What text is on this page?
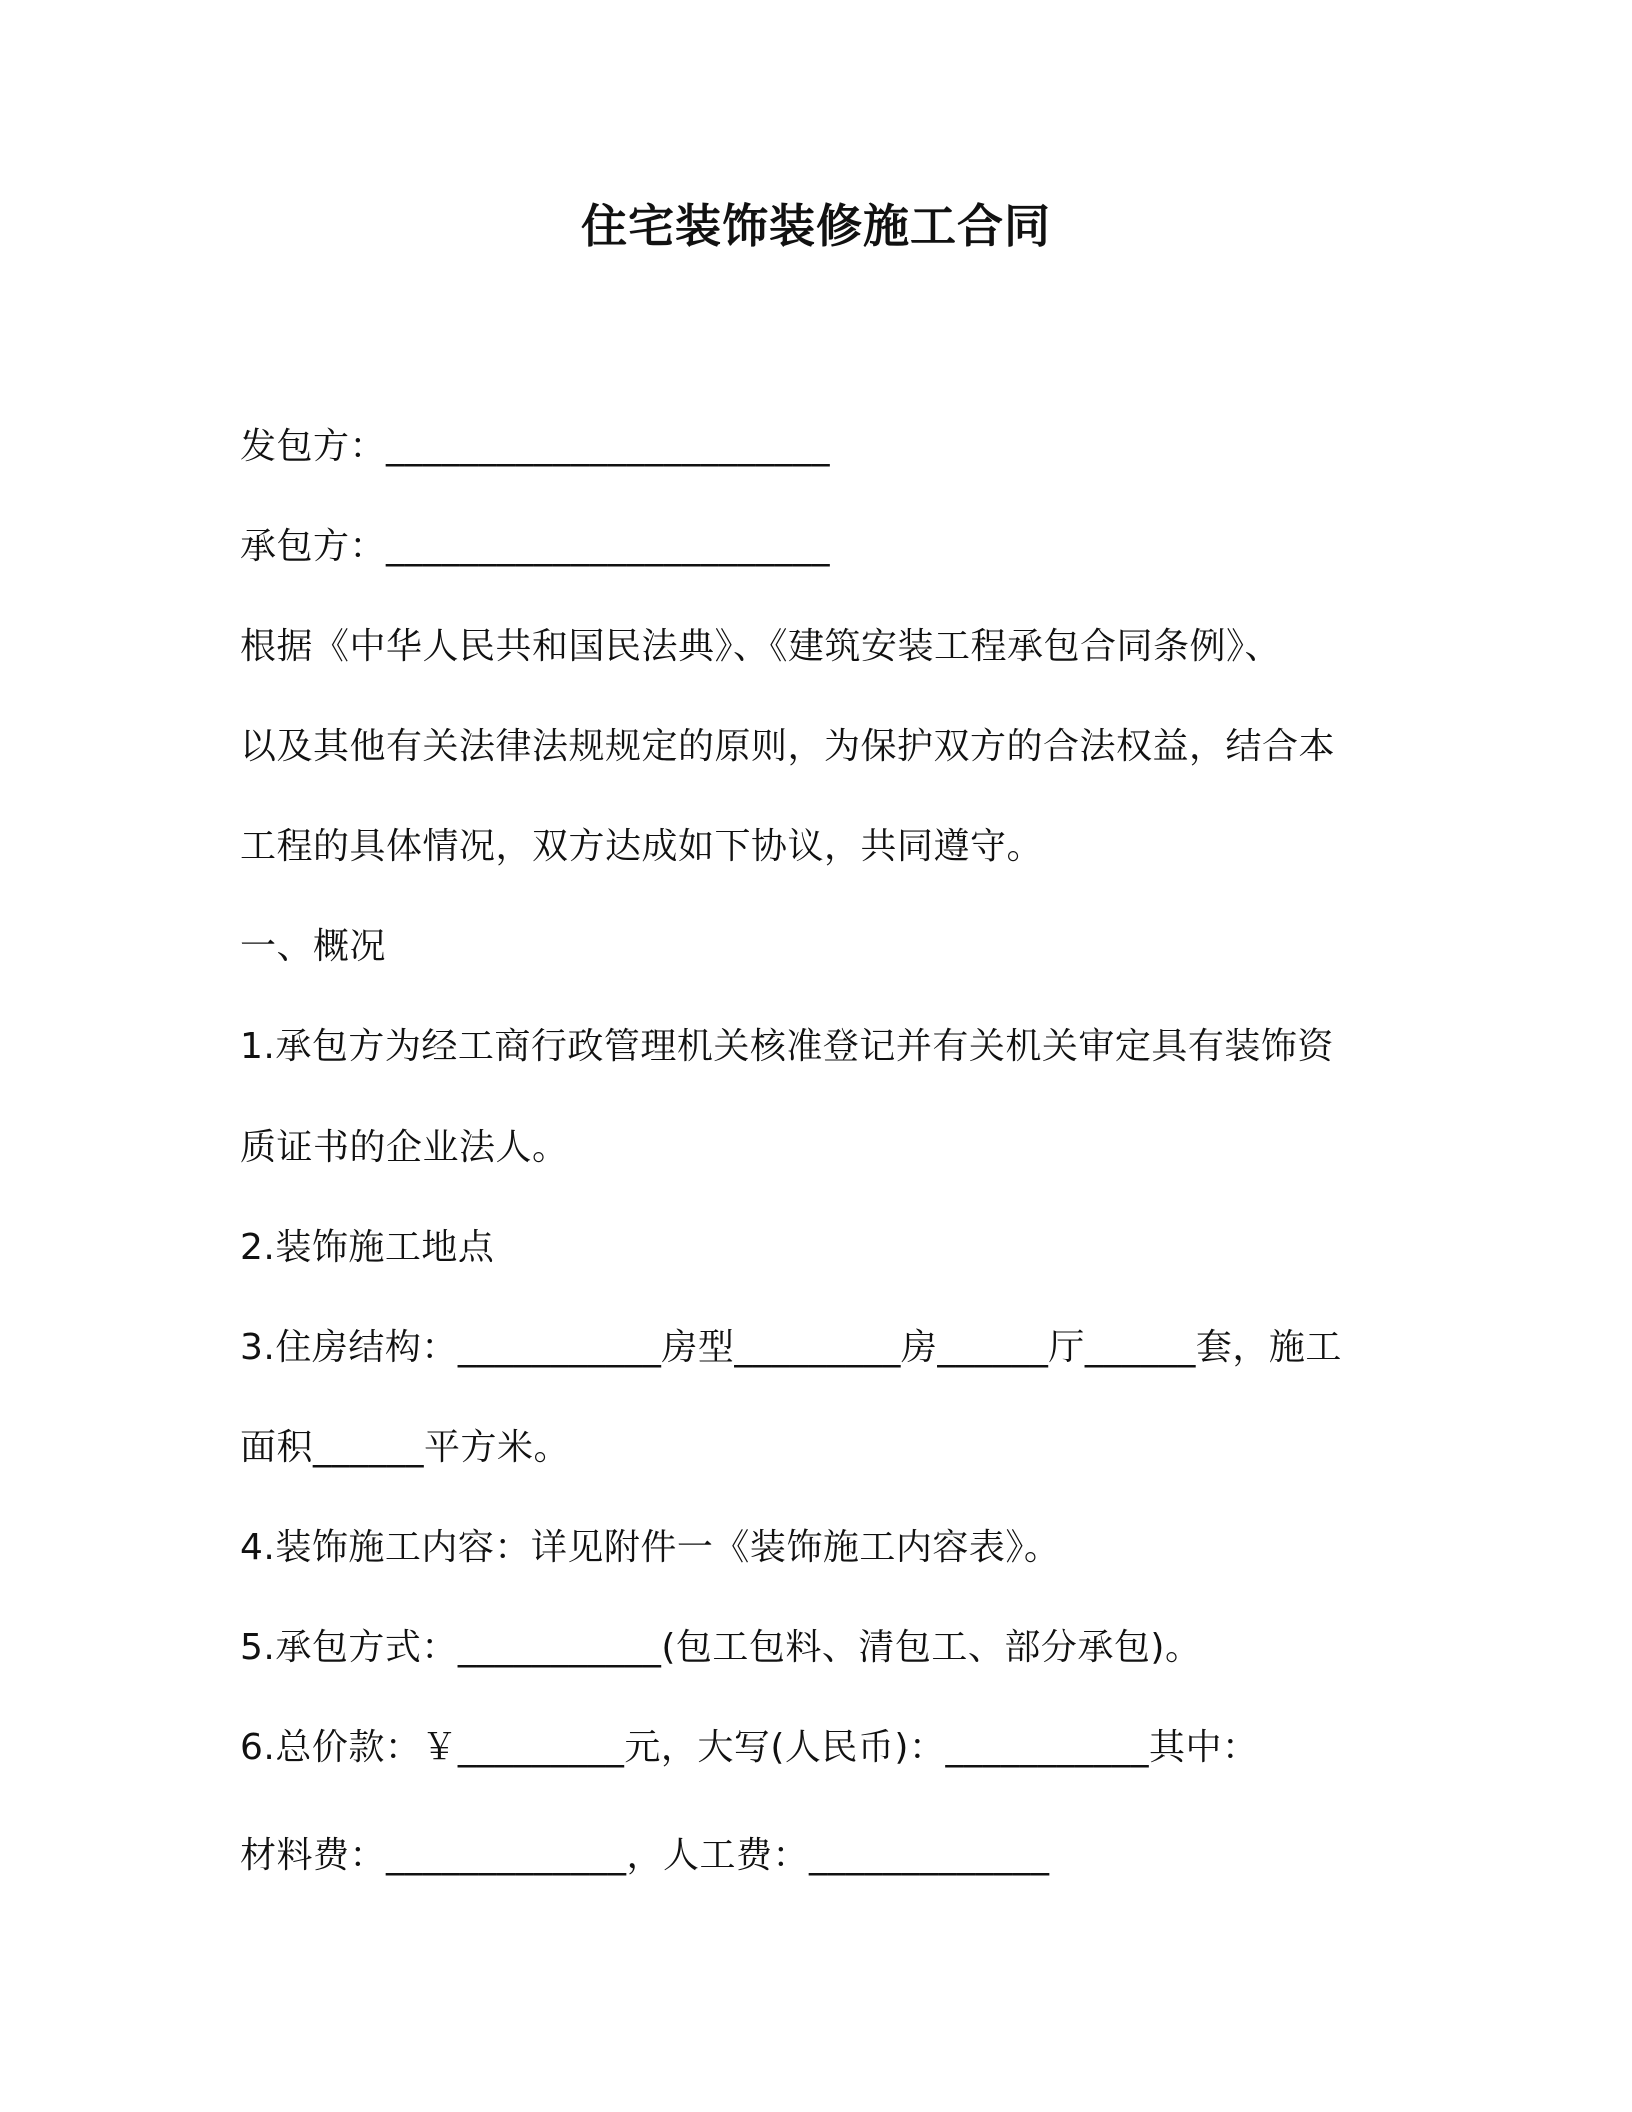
住宅装饰装修施工合同
发包方：________________________
承包方：________________________
根据《中华人民共和国民法典》、《建筑安装工程承包合同条例》、
以及其他有关法律法规规定的原则，为保护双方的合法权益，结合本
工程的具体情况，双方达成如下协议，共同遵守。
一、概况
1.承包方为经工商行政管理机关核准登记并有关机关审定具有装饰资
质证书的企业法人。
2.装饰施工地点
3.住房结构：___________房型_________房______厅______套，施工
面积______平方米。
4.装饰施工内容：详见附件一《装饰施工内容表》。
5.承包方式：___________(包工包料、清包工、部分承包)。
6.总价款：￥_________元，大写(人民币)：___________其中：
材料费：_____________，人工费：_____________
